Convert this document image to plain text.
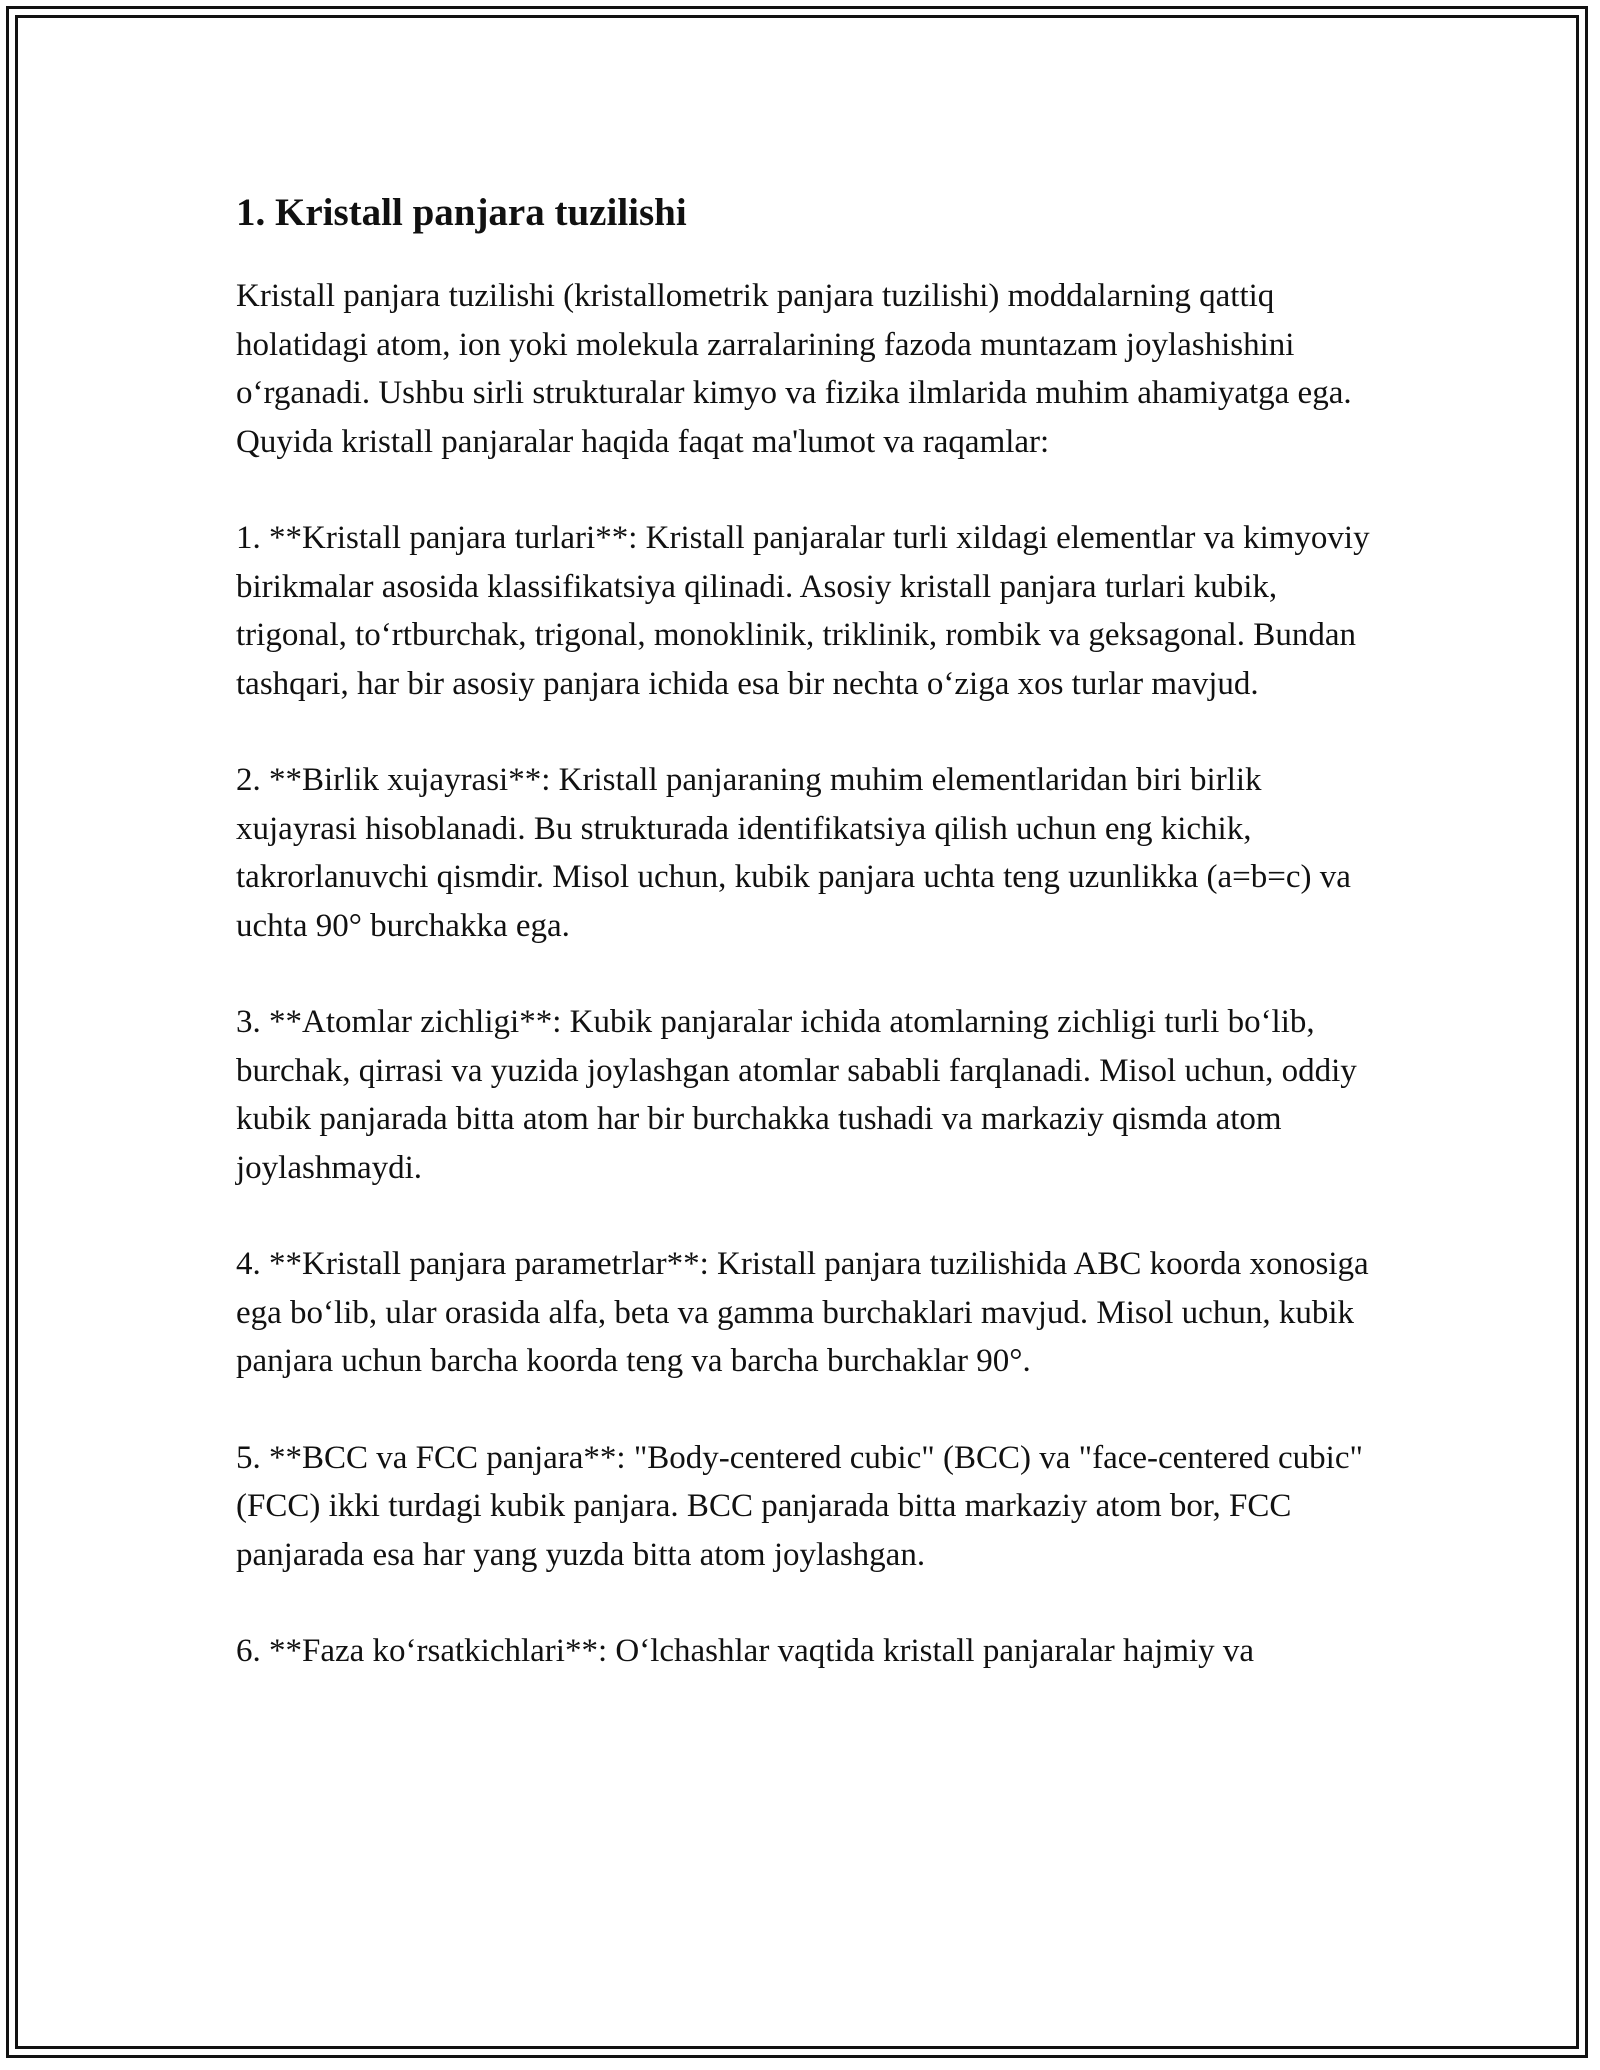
1. Kristall panjara tuzilishi

Kristall panjara tuzilishi (kristallometrik panjara tuzilishi) moddalarning qattiq holatidagi atom, ion yoki molekula zarralarining fazoda muntazam joylashishini o‘rganadi. Ushbu sirli strukturalar kimyo va fizika ilmlarida muhim ahamiyatga ega. Quyida kristall panjaralar haqida faqat ma'lumot va raqamlar:

1. **Kristall panjara turlari**: Kristall panjaralar turli xildagi elementlar va kimyoviy birikmalar asosida klassifikatsiya qilinadi. Asosiy kristall panjara turlari kubik, trigonal, to‘rtburchak, trigonal, monoklinik, triklinik, rombik va geksagonal. Bundan tashqari, har bir asosiy panjara ichida esa bir nechta o‘ziga xos turlar mavjud.

2. **Birlik xujayrasi**: Kristall panjaraning muhim elementlaridan biri birlik xujayrasi hisoblanadi. Bu strukturada identifikatsiya qilish uchun eng kichik, takrorlanuvchi qismdir. Misol uchun, kubik panjara uchta teng uzunlikka (a=b=c) va uchta 90° burchakka ega.

3. **Atomlar zichligi**: Kubik panjaralar ichida atomlarning zichligi turli bo‘lib, burchak, qirrasi va yuzida joylashgan atomlar sababli farqlanadi. Misol uchun, oddiy kubik panjarada bitta atom har bir burchakka tushadi va markaziy qismda atom joylashmaydi.

4. **Kristall panjara parametrlar**: Kristall panjara tuzilishida ABC koorda xonosiga ega bo‘lib, ular orasida alfa, beta va gamma burchaklari mavjud. Misol uchun, kubik panjara uchun barcha koorda teng va barcha burchaklar 90°.

5. **BCC va FCC panjara**: "Body-centered cubic" (BCC) va "face-centered cubic" (FCC) ikki turdagi kubik panjara. BCC panjarada bitta markaziy atom bor, FCC panjarada esa har yang yuzda bitta atom joylashgan.

6. **Faza ko‘rsatkichlari**: O‘lchashlar vaqtida kristall panjaralar hajmiy va
